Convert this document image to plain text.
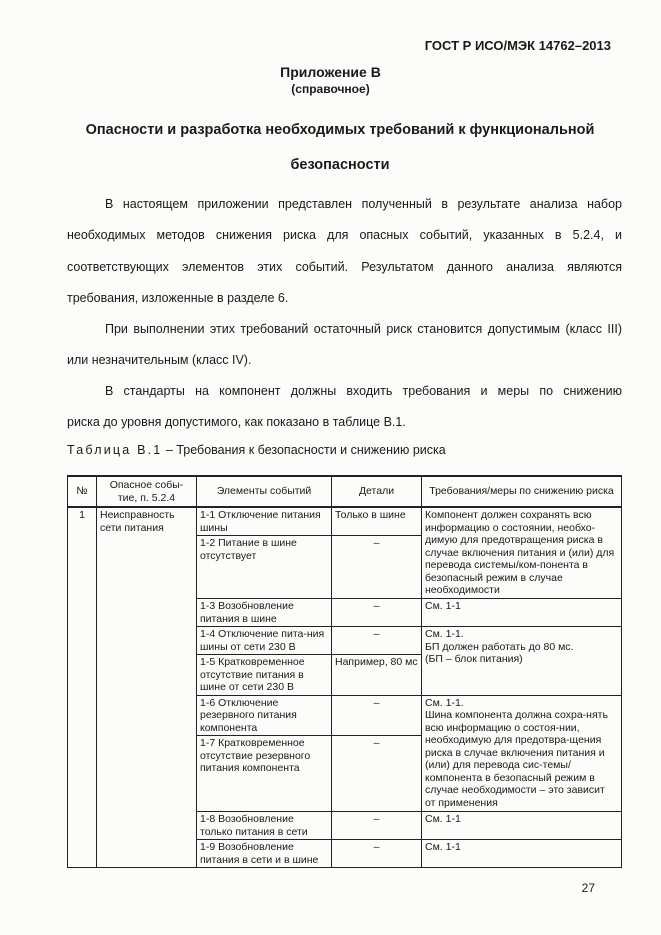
ГОСТ Р ИСО/МЭК 14762–2013
Приложение В
(справочное)
Опасности и разработка необходимых требований к функциональной
безопасности

В настоящем приложении представлен полученный в результате анализа набор

необходимых методов снижения риска для опасных событий, указанных в 5.2.4, и

соответствующих элементов этих событий. Результатом данного анализа являются

требования, изложенные в разделе 6.

При выполнении этих требований остаточный риск становится допустимым (класс III)

или незначительным (класс IV).

В стандарты на компонент должны входить требования и меры по снижению

риска до уровня допустимого, как показано в таблице В.1.

Таблица В.1 – Требования к безопасности и снижению риска
№	Опасное собы-тие, п. 5.2.4	Элементы событий	Детали	Требования/меры по снижению риска
1	Неисправность сети питания	1-1 Отключение питания шины	Только в шине	Компонент должен сохранять всю информацию о состоянии, необхо-димую для предотвращения риска в случае включения питания и (или) для перевода системы/ком-понента в безопасный режим в случае необходимости
		1-2 Питание в шине отсутствует	–	
		1-3 Возобновление питания в шине	–	См. 1-1
		1-4 Отключение пита-ния шины от сети 230 В	–	См. 1-1.
БП должен работать до 80 мс.
(БП – блок питания)
		1-5 Кратковременное отсутствие питания в шине от сети 230 В	Например, 80 мс	
		1-6 Отключение резервного питания компонента	–	См. 1-1.
Шина компонента должна сохра-нять всю информацию о состоя-нии, необходимую для предотвра-щения риска в случае включения питания и (или) для перевода сис-темы/компонента в безопасный режим в случае необходимости – это зависит от применения
		1-7 Кратковременное отсутствие резервного питания компонента	–	
		1-8 Возобновление только питания в сети	–	См. 1-1
		1-9 Возобновление питания в сети и в шине	–	См. 1-1
27
